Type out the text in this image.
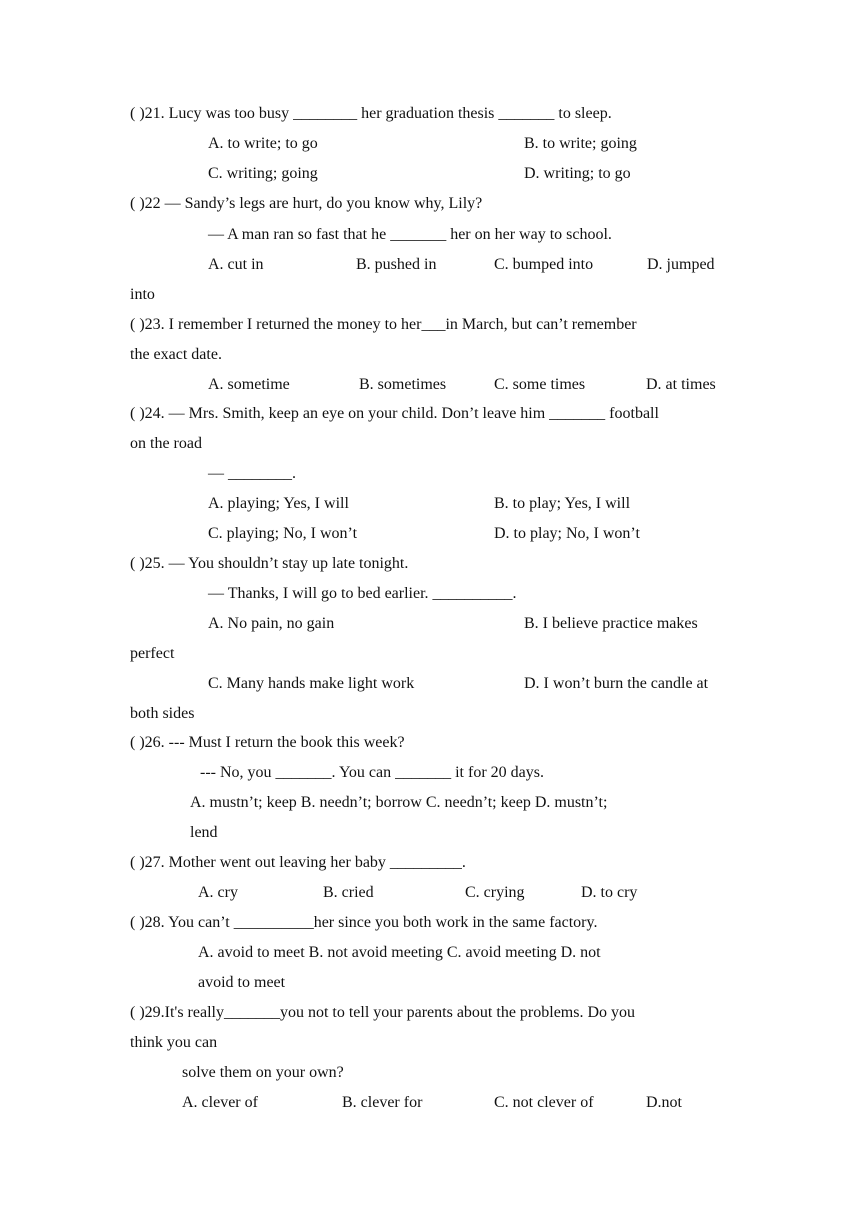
( )21. Lucy was too busy ________ her graduation thesis _______ to sleep.
A. to write; to go	B. to write; going
C. writing; going	D. writing; to go
( )22 — Sandy’s legs are hurt, do you know why, Lily?
— A man ran so fast that he _______ her on her way to school.
A. cut in	B. pushed in	C. bumped into	D. jumped
into
( )23. I remember I returned the money to her___in March, but can’t remember
the exact date.
A. sometime	B. sometimes	C. some times	D. at times
( )24. — Mrs. Smith, keep an eye on your child. Don’t leave him _______ football
on the road
— ________.
A. playing; Yes, I will	B. to play; Yes, I will
C. playing; No, I won’t	D. to play; No, I won’t
( )25. — You shouldn’t stay up late tonight.
— Thanks, I will go to bed earlier. __________.
A. No pain, no gain	B. I believe practice makes
perfect
C. Many hands make light work	D. I won’t burn the candle at
both sides
( )26. --- Must I return the book this week?
--- No, you _______. You can _______ it for 20 days.
A. mustn’t; keep B. needn’t; borrow C. needn’t; keep D. mustn’t;
lend
( )27. Mother went out leaving her baby _________.
A. cry	B. cried	C. crying	D. to cry
( )28. You can’t __________her since you both work in the same factory.
A. avoid to meet B. not avoid meeting C. avoid meeting D. not
avoid to meet
( )29.It's really_______you not to tell your parents about the problems. Do you
think you can
solve them on your own?
A. clever of	B. clever for	C. not clever of	D.not
